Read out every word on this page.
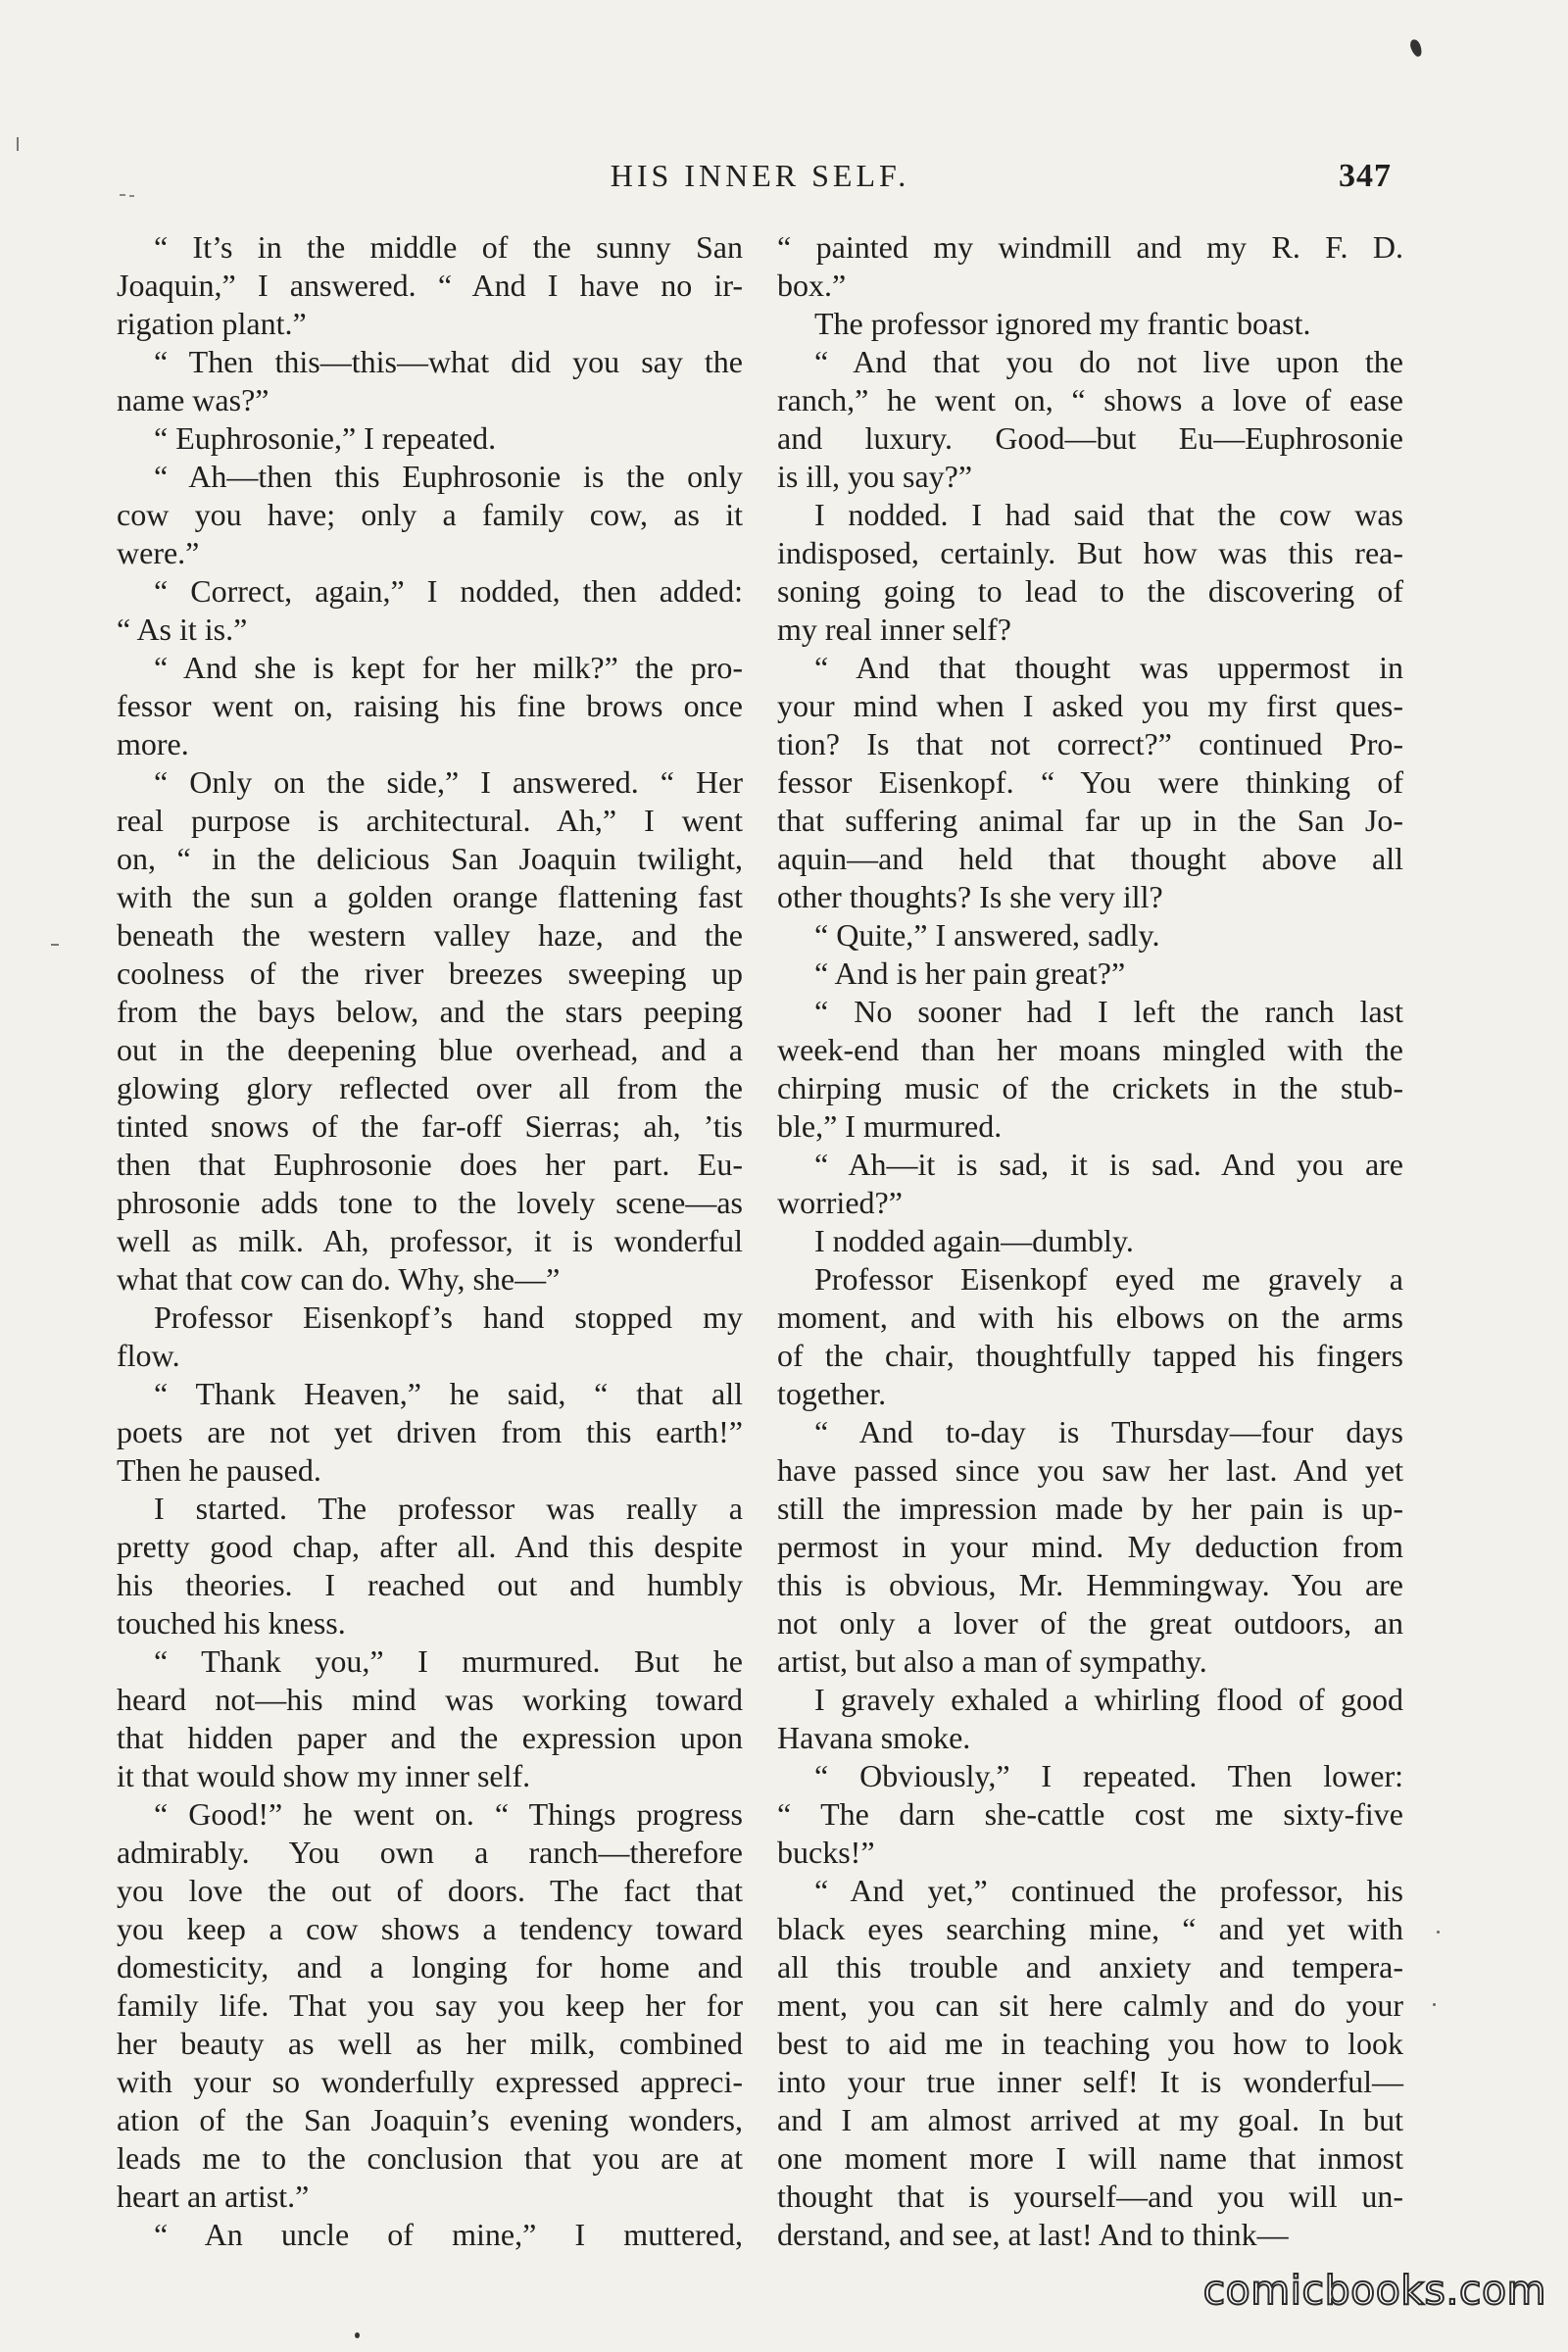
HIS INNER SELF.	347
“ It’s in the middle of the sunny San
Joaquin,” I answered. “ And I have no ir-
rigation plant.”
“ Then this—this—what did you say the
name was?”
“ Euphrosonie,” I repeated.
“ Ah—then this Euphrosonie is the only
cow you have; only a family cow, as it
were.”
“ Correct, again,” I nodded, then added:
“ As it is.”
“ And she is kept for her milk?” the pro-
fessor went on, raising his fine brows once
more.
“ Only on the side,” I answered. “ Her
real purpose is architectural. Ah,” I went
on, “ in the delicious San Joaquin twilight,
with the sun a golden orange flattening fast
beneath the western valley haze, and the
coolness of the river breezes sweeping up
from the bays below, and the stars peeping
out in the deepening blue overhead, and a
glowing glory reflected over all from the
tinted snows of the far-off Sierras; ah, ’tis
then that Euphrosonie does her part. Eu-
phrosonie adds tone to the lovely scene—as
well as milk. Ah, professor, it is wonderful
what that cow can do. Why, she—”
Professor Eisenkopf’s hand stopped my
flow.
“ Thank Heaven,” he said, “ that all
poets are not yet driven from this earth!”
Then he paused.
I started. The professor was really a
pretty good chap, after all. And this despite
his theories. I reached out and humbly
touched his kness.
“ Thank you,” I murmured. But he
heard not—his mind was working toward
that hidden paper and the expression upon
it that would show my inner self.
“ Good!” he went on. “ Things progress
admirably. You own a ranch—therefore
you love the out of doors. The fact that
you keep a cow shows a tendency toward
domesticity, and a longing for home and
family life. That you say you keep her for
her beauty as well as her milk, combined
with your so wonderfully expressed appreci-
ation of the San Joaquin’s evening wonders,
leads me to the conclusion that you are at
heart an artist.”
“ An uncle of mine,” I muttered,
“ painted my windmill and my R. F. D.
box.”
The professor ignored my frantic boast.
“ And that you do not live upon the
ranch,” he went on, “ shows a love of ease
and luxury. Good—but Eu—Euphrosonie
is ill, you say?”
I nodded. I had said that the cow was
indisposed, certainly. But how was this rea-
soning going to lead to the discovering of
my real inner self?
“ And that thought was uppermost in
your mind when I asked you my first ques-
tion? Is that not correct?” continued Pro-
fessor Eisenkopf. “ You were thinking of
that suffering animal far up in the San Jo-
aquin—and held that thought above all
other thoughts? Is she very ill?
“ Quite,” I answered, sadly.
“ And is her pain great?”
“ No sooner had I left the ranch last
week-end than her moans mingled with the
chirping music of the crickets in the stub-
ble,” I murmured.
“ Ah—it is sad, it is sad. And you are
worried?”
I nodded again—dumbly.
Professor Eisenkopf eyed me gravely a
moment, and with his elbows on the arms
of the chair, thoughtfully tapped his fingers
together.
“ And to-day is Thursday—four days
have passed since you saw her last. And yet
still the impression made by her pain is up-
permost in your mind. My deduction from
this is obvious, Mr. Hemmingway. You are
not only a lover of the great outdoors, an
artist, but also a man of sympathy.
I gravely exhaled a whirling flood of good
Havana smoke.
“ Obviously,” I repeated. Then lower:
“ The darn she-cattle cost me sixty-five
bucks!”
“ And yet,” continued the professor, his
black eyes searching mine, “ and yet with
all this trouble and anxiety and tempera-
ment, you can sit here calmly and do your
best to aid me in teaching you how to look
into your true inner self! It is wonderful—
and I am almost arrived at my goal. In but
one moment more I will name that inmost
thought that is yourself—and you will un-
derstand, and see, at last! And to think—
comicbooks.com
